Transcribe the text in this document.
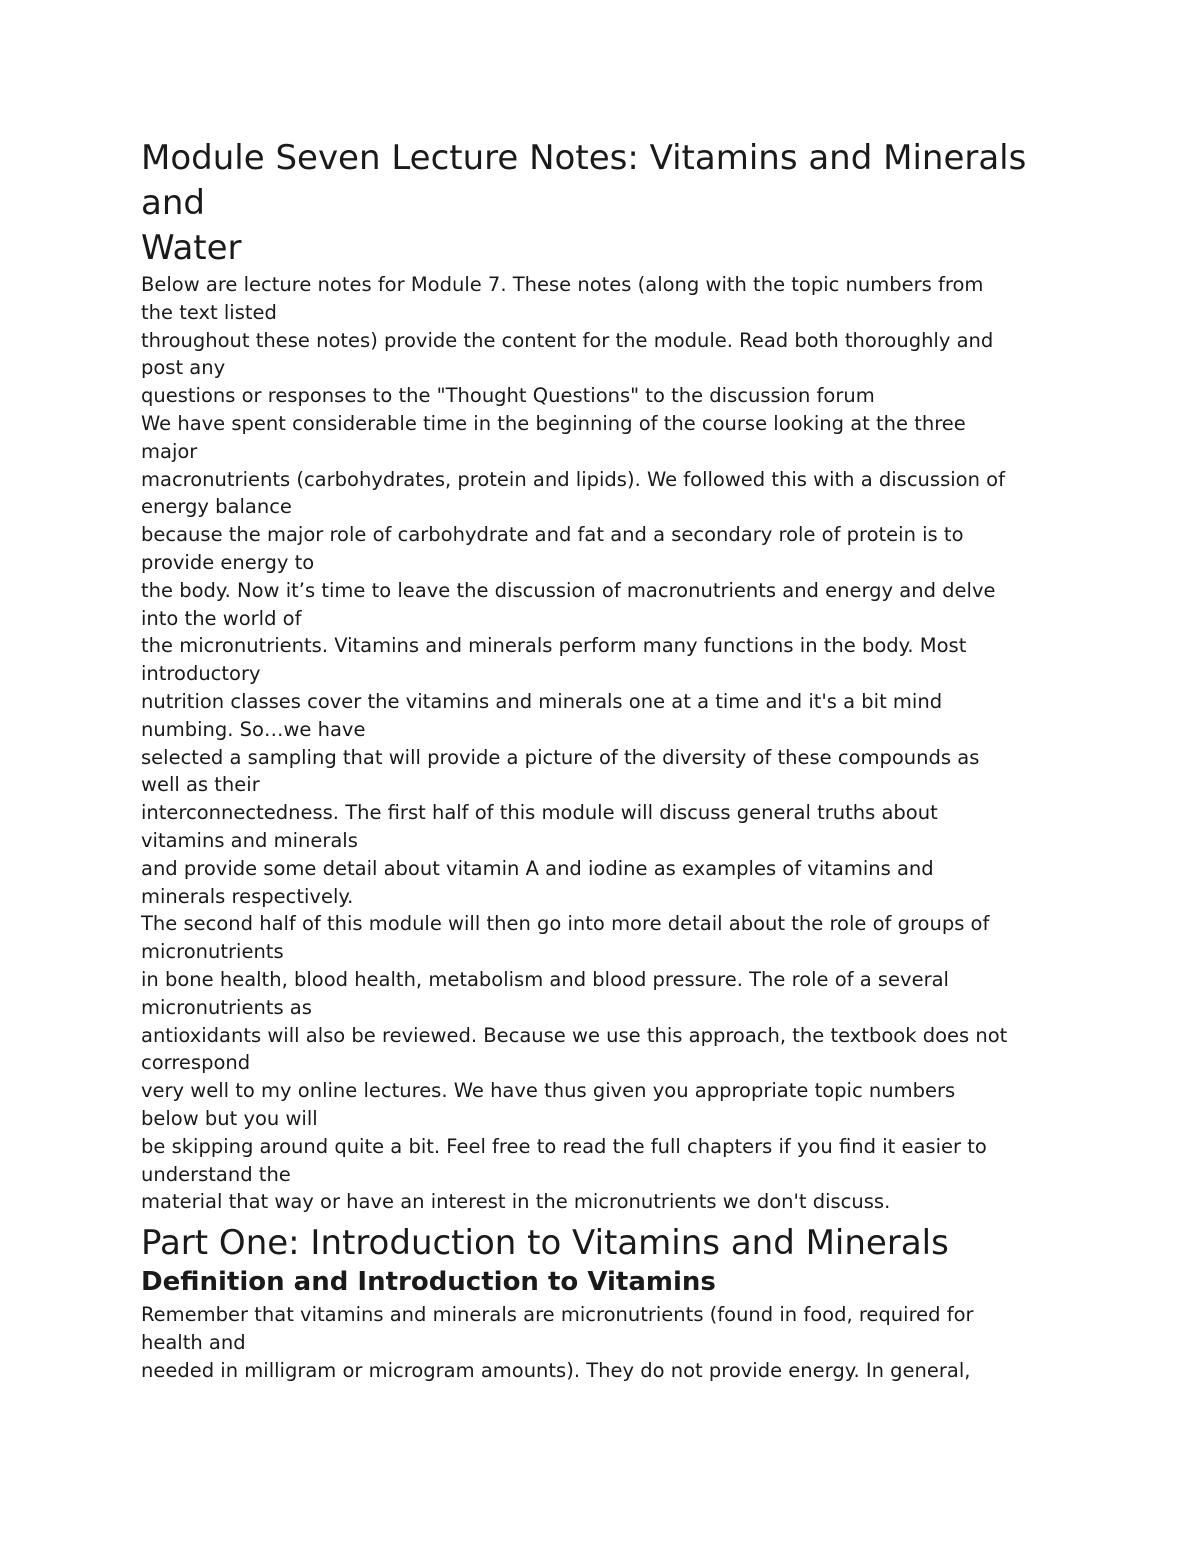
Module Seven Lecture Notes: Vitamins and Minerals
and
Water
Below are lecture notes for Module 7. These notes (along with the topic numbers from
the text listed
throughout these notes) provide the content for the module. Read both thoroughly and
post any
questions or responses to the "Thought Questions" to the discussion forum
We have spent considerable time in the beginning of the course looking at the three
major
macronutrients (carbohydrates, protein and lipids). We followed this with a discussion of
energy balance
because the major role of carbohydrate and fat and a secondary role of protein is to
provide energy to
the body. Now it’s time to leave the discussion of macronutrients and energy and delve
into the world of
the micronutrients. Vitamins and minerals perform many functions in the body. Most
introductory
nutrition classes cover the vitamins and minerals one at a time and it's a bit mind
numbing. So…we have
selected a sampling that will provide a picture of the diversity of these compounds as
well as their
interconnectedness. The first half of this module will discuss general truths about
vitamins and minerals
and provide some detail about vitamin A and iodine as examples of vitamins and
minerals respectively.
The second half of this module will then go into more detail about the role of groups of
micronutrients
in bone health, blood health, metabolism and blood pressure. The role of a several
micronutrients as
antioxidants will also be reviewed. Because we use this approach, the textbook does not
correspond
very well to my online lectures. We have thus given you appropriate topic numbers
below but you will
be skipping around quite a bit. Feel free to read the full chapters if you find it easier to
understand the
material that way or have an interest in the micronutrients we don't discuss.
Part One: Introduction to Vitamins and Minerals
Definition and Introduction to Vitamins
Remember that vitamins and minerals are micronutrients (found in food, required for
health and
needed in milligram or microgram amounts). They do not provide energy. In general,
